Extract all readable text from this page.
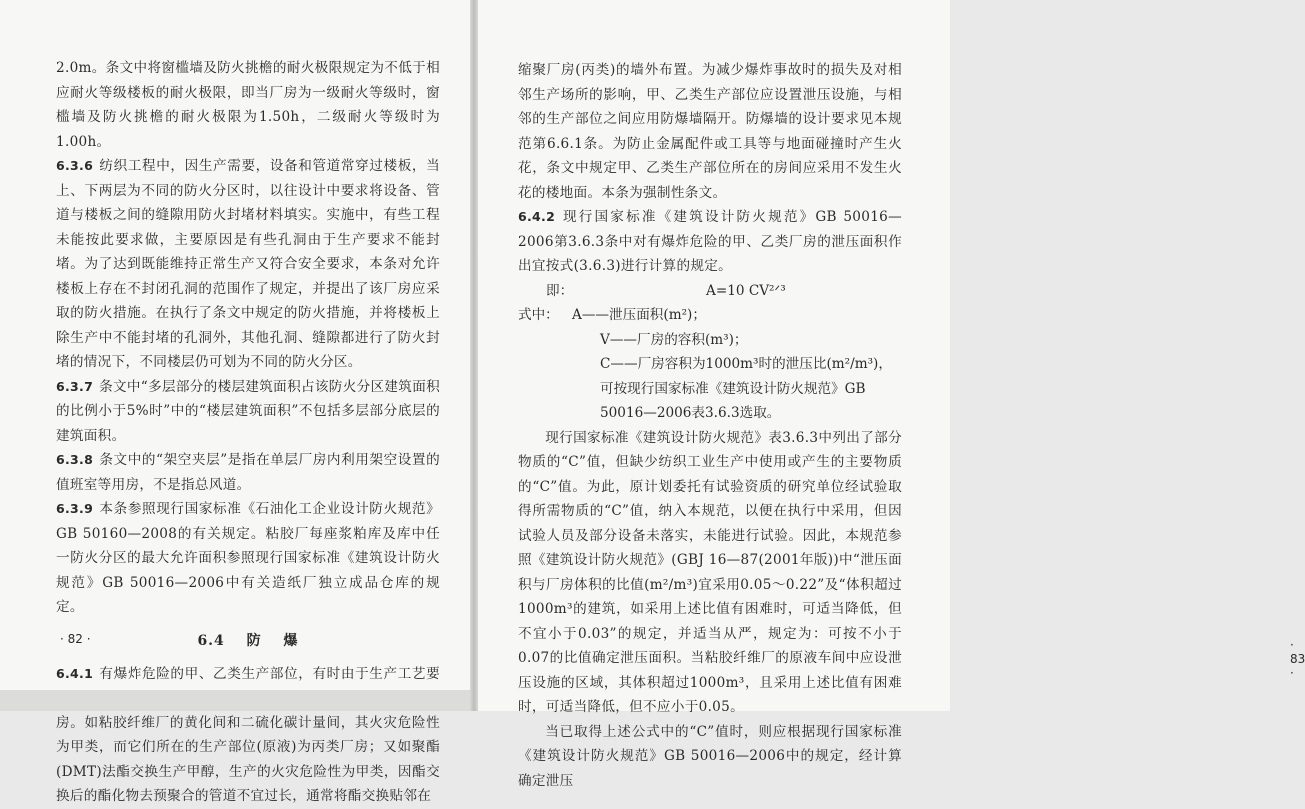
2.0m。条文中将窗槛墙及防火挑檐的耐火极限规定为不低于相应耐火等级楼板的耐火极限，即当厂房为一级耐火等级时，窗槛墙及防火挑檐的耐火极限为1.50h，二级耐火等级时为1.00h。

6.3.6 纺织工程中，因生产需要，设备和管道常穿过楼板，当上、下两层为不同的防火分区时，以往设计中要求将设备、管道与楼板之间的缝隙用防火封堵材料填实。实施中，有些工程未能按此要求做，主要原因是有些孔洞由于生产要求不能封堵。为了达到既能维持正常生产又符合安全要求，本条对允许楼板上存在不封闭孔洞的范围作了规定，并提出了该厂房应采取的防火措施。在执行了条文中规定的防火措施，并将楼板上除生产中不能封堵的孔洞外，其他孔洞、缝隙都进行了防火封堵的情况下，不同楼层仍可划为不同的防火分区。

6.3.7 条文中“多层部分的楼层建筑面积占该防火分区建筑面积的比例小于5%时”中的“楼层建筑面积”不包括多层部分底层的建筑面积。

6.3.8 条文中的“架空夹层”是指在单层厂房内利用架空设置的值班室等用房，不是指总风道。

6.3.9 本条参照现行国家标准《石油化工企业设计防火规范》GB 50160—2008的有关规定。粘胶厂每座浆粕库及库中任一防火分区的最大允许面积参照现行国家标准《建筑设计防火规范》GB 50016—2006中有关造纸厂独立成品仓库的规定。

6.4 防 爆

6.4.1 有爆炸危险的甲、乙类生产部位，有时由于生产工艺要 房。如粘胶纤维厂的黄化间和二硫化碳计量间，其火灾危险性为甲类，而它们所在的生产部位(原液)为丙类厂房；又如聚酯(DMT)法酯交换生产甲醇，生产的火灾危险性为甲类，因酯交换后的酯化物去预聚合的管道不宜过长，通常将酯交换贴邻在

· 82 ·

缩聚厂房(丙类)的墙外布置。为减少爆炸事故时的损失及对相邻生产场所的影响，甲、乙类生产部位应设置泄压设施，与相邻的生产部位之间应用防爆墙隔开。防爆墙的设计要求见本规范第6.6.1条。为防止金属配件或工具等与地面碰撞时产生火花，条文中规定甲、乙类生产部位所在的房间应采用不发生火花的楼地面。本条为强制性条文。

6.4.2 现行国家标准《建筑设计防火规范》GB 50016—2006第3.6.3条中对有爆炸危险的甲、乙类厂房的泄压面积作出宜按式(3.6.3)进行计算的规定。

即：	A=10 CV²ᐟ³
式中： A——泄压面积(m²)；
V——厂房的容积(m³)；
C——厂房容积为1000m³时的泄压比(m²/m³)，可按现行国家标准《建筑设计防火规范》GB 50016—2006表3.6.3选取。

现行国家标准《建筑设计防火规范》表3.6.3中列出了部分物质的“C”值，但缺少纺织工业生产中使用或产生的主要物质的“C”值。为此，原计划委托有试验资质的研究单位经试验取得所需物质的“C”值，纳入本规范，以便在执行中采用，但因试验人员及部分设备未落实，未能进行试验。因此，本规范参照《建筑设计防火规范》(GBJ 16—87(2001年版))中“泄压面积与厂房体积的比值(m²/m³)宜采用0.05～0.22”及“体积超过1000m³的建筑，如采用上述比值有困难时，可适当降低，但不宜小于0.03”的规定，并适当从严，规定为：可按不小于0.07的比值确定泄压面积。当粘胶纤维厂的原液车间中应设泄压设施的区域，其体积超过1000m³，且采用上述比值有困难时，可适当降低，但不应小于0.05。

当已取得上述公式中的“C”值时，则应根据现行国家标准《建筑设计防火规范》GB 50016—2006中的规定，经计算确定泄压

· 83 ·
